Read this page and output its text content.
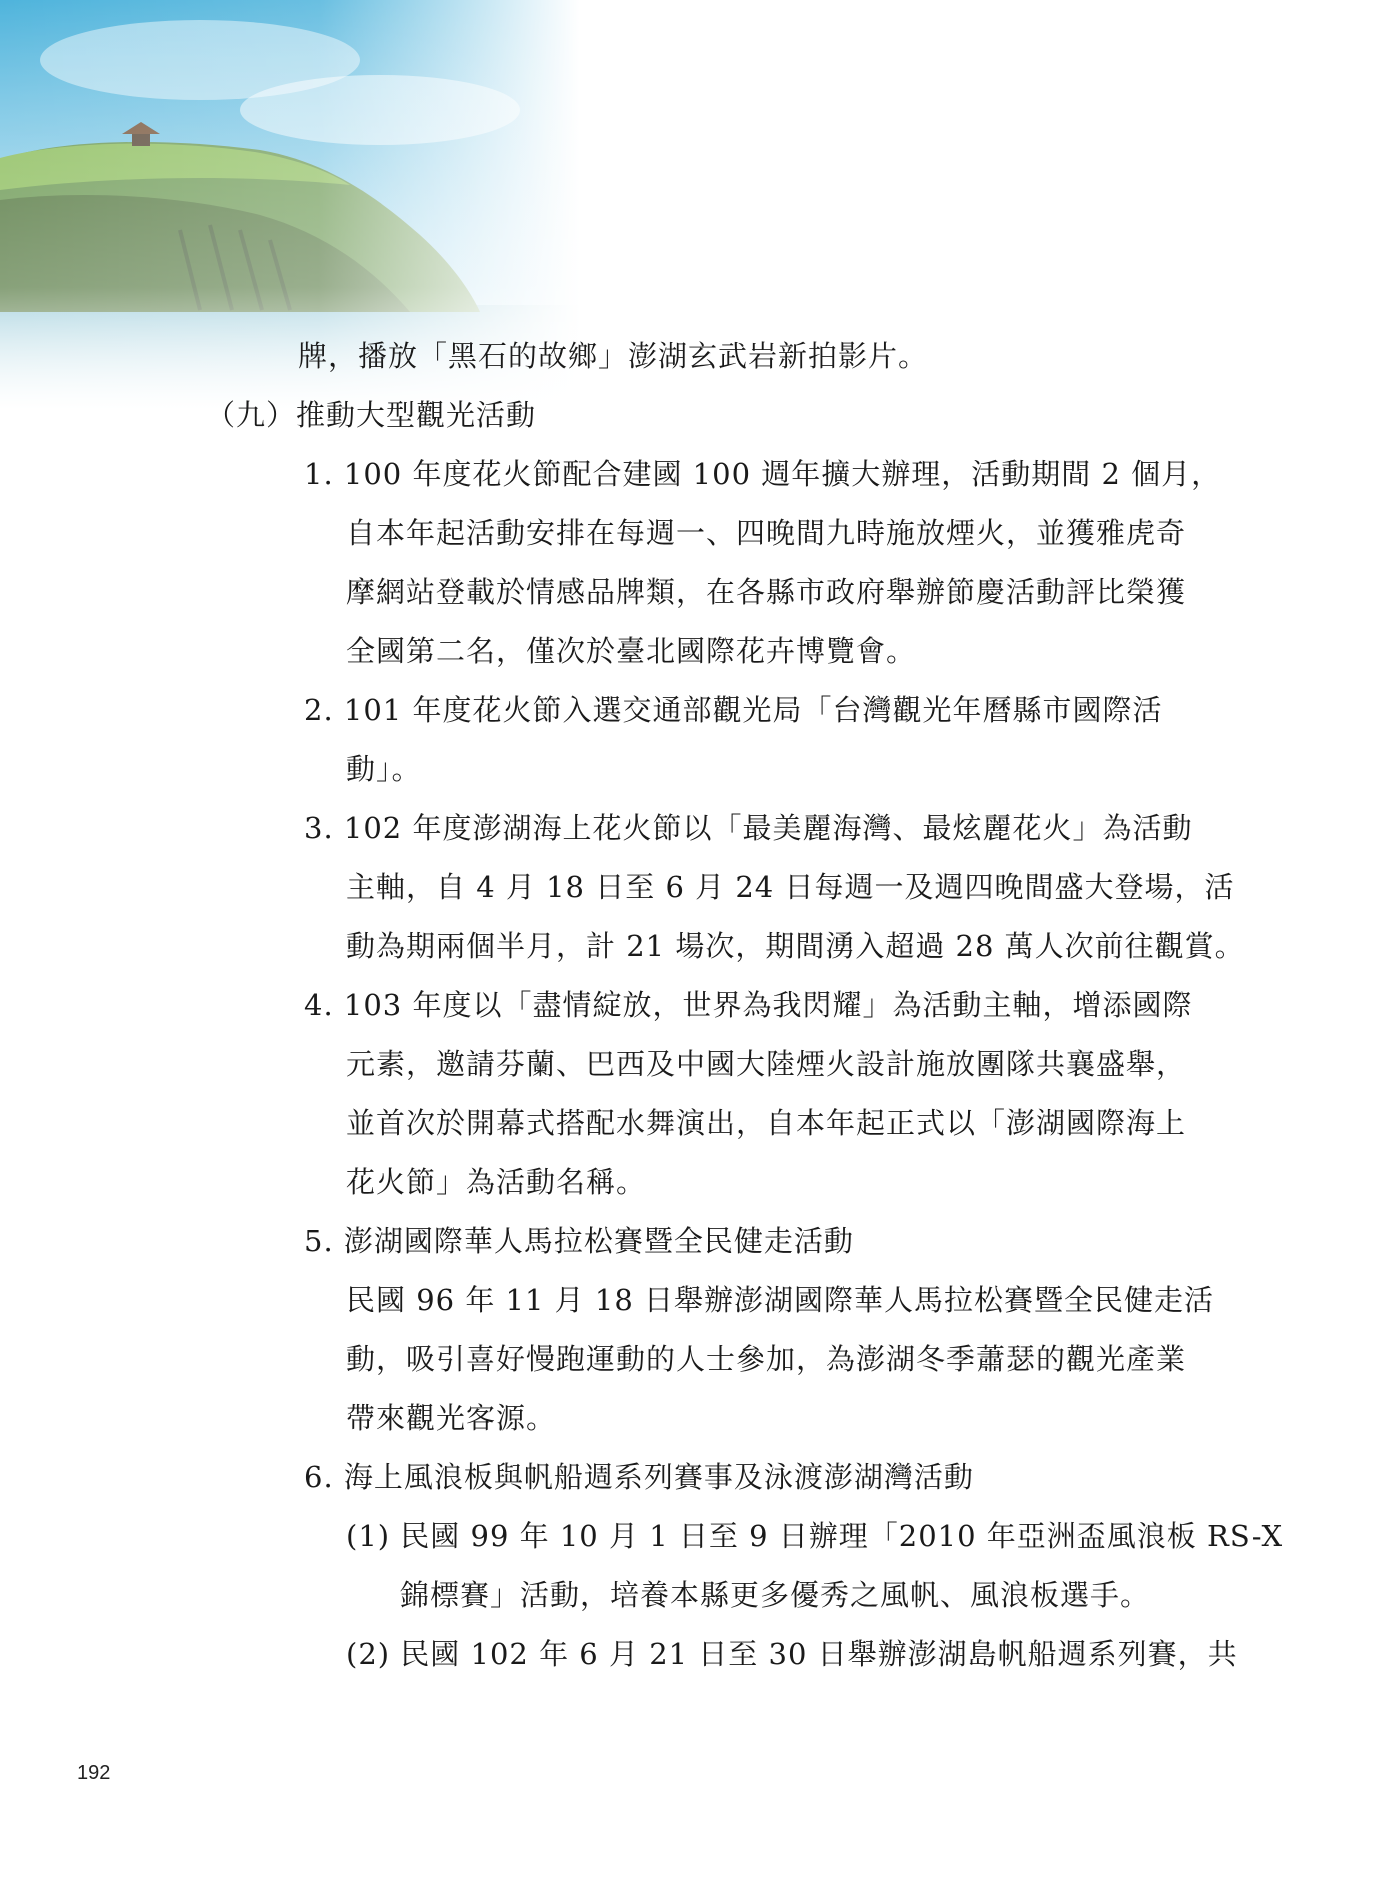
牌，播放「黑石的故鄉」澎湖玄武岩新拍影片。
（九）推動大型觀光活動
1. 100 年度花火節配合建國 100 週年擴大辦理，活動期間 2 個月，
自本年起活動安排在每週一、四晚間九時施放煙火，並獲雅虎奇
摩網站登載於情感品牌類，在各縣市政府舉辦節慶活動評比榮獲
全國第二名，僅次於臺北國際花卉博覽會。
2. 101 年度花火節入選交通部觀光局「台灣觀光年曆縣市國際活
動」。
3. 102 年度澎湖海上花火節以「最美麗海灣、最炫麗花火」為活動
主軸，自 4 月 18 日至 6 月 24 日每週一及週四晚間盛大登場，活
動為期兩個半月，計 21 場次，期間湧入超過 28 萬人次前往觀賞。
4. 103 年度以「盡情綻放，世界為我閃耀」為活動主軸，增添國際
元素，邀請芬蘭、巴西及中國大陸煙火設計施放團隊共襄盛舉，
並首次於開幕式搭配水舞演出，自本年起正式以「澎湖國際海上
花火節」為活動名稱。
5. 澎湖國際華人馬拉松賽暨全民健走活動
民國 96 年 11 月 18 日舉辦澎湖國際華人馬拉松賽暨全民健走活
動，吸引喜好慢跑運動的人士參加，為澎湖冬季蕭瑟的觀光產業
帶來觀光客源。
6. 海上風浪板與帆船週系列賽事及泳渡澎湖灣活動
(1) 民國 99 年 10 月 1 日至 9 日辦理「2010 年亞洲盃風浪板 RS-X
錦標賽」活動，培養本縣更多優秀之風帆、風浪板選手。
(2) 民國 102 年 6 月 21 日至 30 日舉辦澎湖島帆船週系列賽，共
192
